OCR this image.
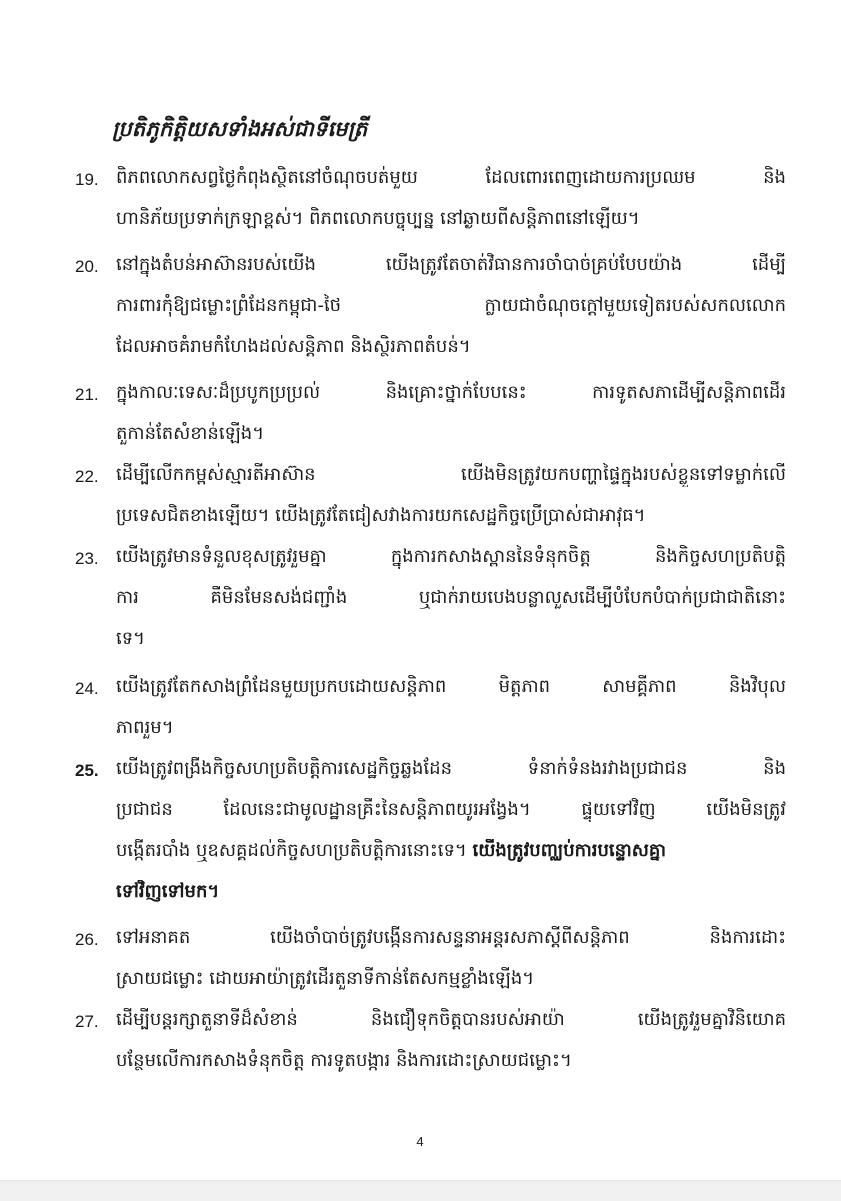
ប្រតិភូកិត្តិយសទាំងអស់ជាទីមេត្រី
19. ពិភពលោកសព្វថ្ងៃកំពុងស្ថិតនៅចំណុចបត់មួយ ដែលពោរពេញដោយការប្រឈម និង
ហានិភ័យប្រទាក់ក្រឡាខ្ពស់។ ពិភពលោកបច្ចុប្បន្ន នៅឆ្ងាយពីសន្តិភាពនៅឡើយ។
20. នៅក្នុងតំបន់អាស៊ានរបស់យើង យើងត្រូវតែចាត់វិធានការចាំបាច់គ្រប់បែបយ៉ាង ដើម្បី
ការពារកុំឱ្យជម្លោះព្រំដែនកម្ពុជា-ថៃ ក្លាយជាចំណុចក្ដៅមួយទៀតរបស់សកលលោក
ដែលអាចគំរាមកំហែងដល់សន្តិភាព និងស្ថិរភាពតំបន់។
21. ក្នុងកាលៈទេសៈដ៏ប្របូកប្រប្រល់ និងគ្រោះថ្នាក់បែបនេះ ការទូតសភាដើម្បីសន្តិភាពដើរ
តួកាន់តែសំខាន់ឡើង។
22. ដើម្បីលើកកម្ពស់ស្មារតីអាស៊ាន យើងមិនត្រូវយកបញ្ហាផ្ទៃក្នុងរបស់ខ្លួនទៅទម្លាក់លើ
ប្រទេសជិតខាងឡើយ។ យើងត្រូវតែជៀសវាងការយកសេដ្ឋកិច្ចប្រើប្រាស់ជាអាវុធ។
23. យើងត្រូវមានទំនួលខុសត្រូវរួមគ្នា ក្នុងការកសាងស្ពាននៃទំនុកចិត្ត និងកិច្ចសហប្រតិបត្តិ
ការ គឺមិនមែនសង់ជញ្ជាំង ឬជាក់រាយបេងបន្លាលួសដើម្បីបំបែកបំបាក់ប្រជាជាតិនោះ
ទេ។
24. យើងត្រូវតែកសាងព្រំដែនមួយប្រកបដោយសន្តិភាព មិត្តភាព សាមគ្គីភាព និងវិបុល
ភាពរួម។
25. យើងត្រូវពង្រឹងកិច្ចសហប្រតិបត្តិការសេដ្ឋកិច្ចឆ្លងដែន ទំនាក់ទំនងរវាងប្រជាជន និង
ប្រជាជន ដែលនេះជាមូលដ្ឋានគ្រឹះនៃសន្តិភាពយូរអង្វែង។ ផ្ទុយទៅវិញ យើងមិនត្រូវ
បង្កើតរបាំង ឬឧសគ្គដល់កិច្ចសហប្រតិបត្តិការនោះទេ។ យើងត្រូវបញ្ឈប់ការបន្ទោសគ្នា
ទៅវិញទៅមក។
26. ទៅអនាគត យើងចាំបាច់ត្រូវបង្កើនការសន្ទនាអន្តរសភាស្តីពីសន្តិភាព និងការដោះ
ស្រាយជម្លោះ ដោយអាយ៉ាត្រូវដើរតួនាទីកាន់តែសកម្មខ្លាំងឡើង។
27. ដើម្បីបន្តរក្សាតួនាទីដ៏សំខាន់ និងជឿទុកចិត្តបានរបស់អាយ៉ា យើងត្រូវរួមគ្នាវិនិយោគ
បន្ថែមលើការកសាងទំនុកចិត្ត ការទូតបង្ការ និងការដោះស្រាយជម្លោះ។
4
